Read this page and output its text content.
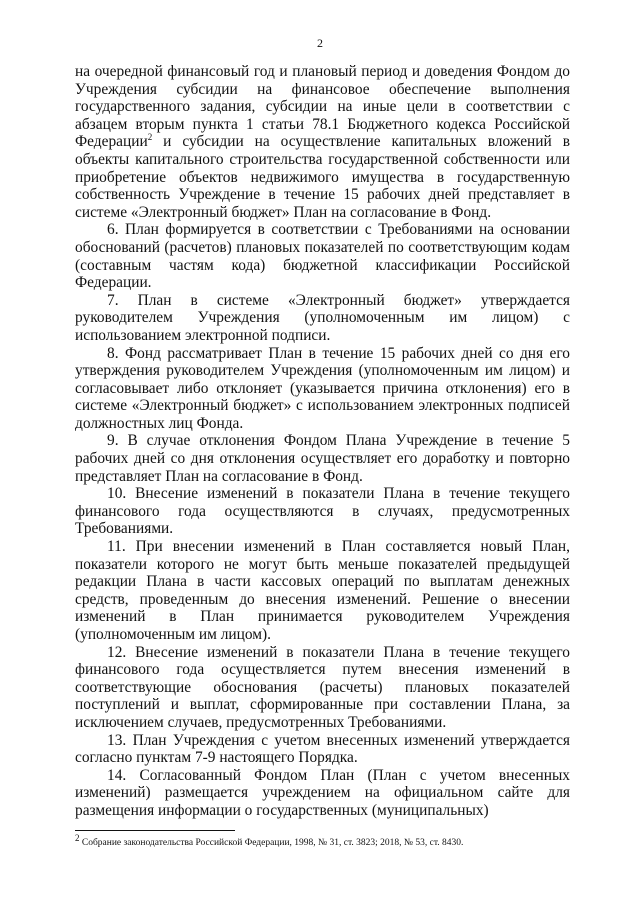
2

на очередной финансовый год и плановый период и доведения Фондом до Учреждения субсидии на финансовое обеспечение выполнения государственного задания, субсидии на иные цели в соответствии с абзацем вторым пункта 1 статьи 78.1 Бюджетного кодекса Российской Федерации$^2$ и субсидии на осуществление капитальных вложений в объекты капитального строительства государственной собственности или приобретение объектов недвижимого имущества в государственную собственность Учреждение в течение 15 рабочих дней представляет в системе «Электронный бюджет» План на согласование в Фонд.

6. План формируется в соответствии с Требованиями на основании обоснований (расчетов) плановых показателей по соответствующим кодам (составным частям кода) бюджетной классификации Российской Федерации.

7. План в системе «Электронный бюджет» утверждается руководителем Учреждения (уполномоченным им лицом) с использованием электронной подписи.

8. Фонд рассматривает План в течение 15 рабочих дней со дня его утверждения руководителем Учреждения (уполномоченным им лицом) и согласовывает либо отклоняет (указывается причина отклонения) его в системе «Электронный бюджет» с использованием электронных подписей должностных лиц Фонда.

9. В случае отклонения Фондом Плана Учреждение в течение 5 рабочих дней со дня отклонения осуществляет его доработку и повторно представляет План на согласование в Фонд.

10. Внесение изменений в показатели Плана в течение текущего финансового года осуществляются в случаях, предусмотренных Требованиями.

11. При внесении изменений в План составляется новый План, показатели которого не могут быть меньше показателей предыдущей редакции Плана в части кассовых операций по выплатам денежных средств, проведенным до внесения изменений. Решение о внесении изменений в План принимается руководителем Учреждения (уполномоченным им лицом).

12. Внесение изменений в показатели Плана в течение текущего финансового года осуществляется путем внесения изменений в соответствующие обоснования (расчеты) плановых показателей поступлений и выплат, сформированные при составлении Плана, за исключением случаев, предусмотренных Требованиями.

13. План Учреждения с учетом внесенных изменений утверждается согласно пунктам 7-9 настоящего Порядка.

14. Согласованный Фондом План (План с учетом внесенных изменений) размещается учреждением на официальном сайте для размещения информации о государственных (муниципальных)

$^2$ Собрание законодательства Российской Федерации, 1998, № 31, ст. 3823; 2018, № 53, ст. 8430.
